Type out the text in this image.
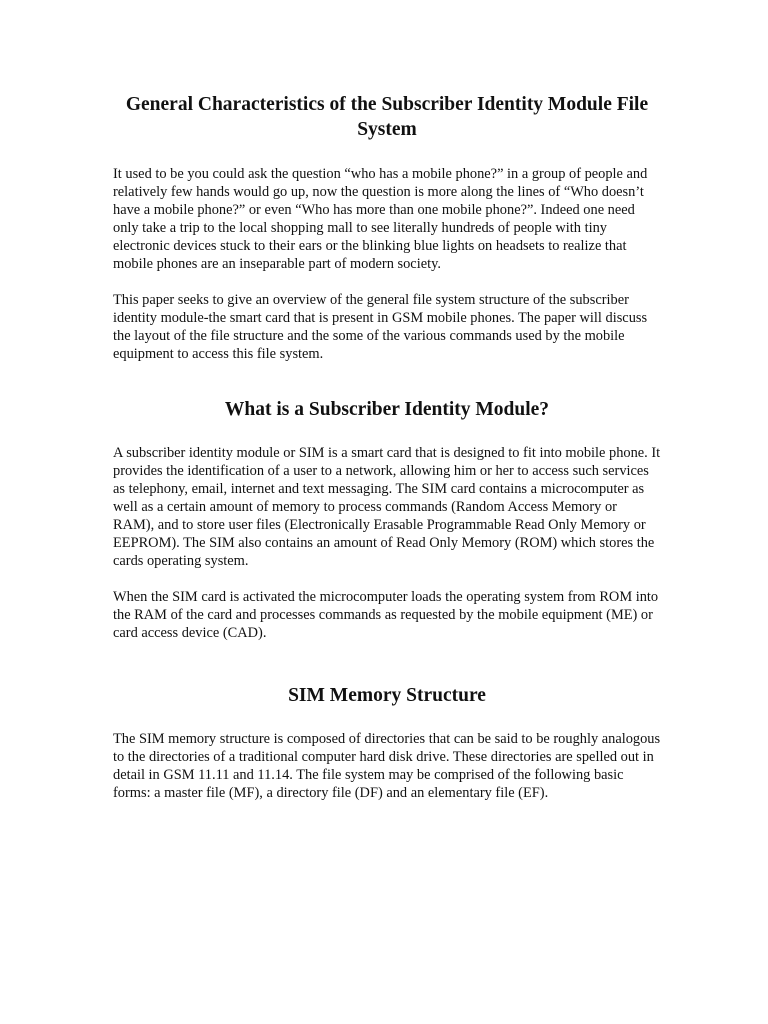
General Characteristics of the Subscriber Identity Module File System

It used to be you could ask the question “who has a mobile phone?” in a group of people and relatively few hands would go up, now the question is more along the lines of “Who doesn’t have a mobile phone?” or even “Who has more than one mobile phone?”. Indeed one need only take a trip to the local shopping mall to see literally hundreds of people with tiny electronic devices stuck to their ears or the blinking blue lights on headsets to realize that mobile phones are an inseparable part of modern society.

This paper seeks to give an overview of the general file system structure of the subscriber identity module-the smart card that is present in GSM mobile phones. The paper will discuss the layout of the file structure and the some of the various commands used by the mobile equipment to access this file system.

What is a Subscriber Identity Module?

A subscriber identity module or SIM is a smart card that is designed to fit into mobile phone. It provides the identification of a user to a network, allowing him or her to access such services as telephony, email, internet and text messaging. The SIM card contains a microcomputer as well as a certain amount of memory to process commands (Random Access Memory or RAM), and to store user files (Electronically Erasable Programmable Read Only Memory or EEPROM). The SIM also contains an amount of Read Only Memory (ROM) which stores the cards operating system.

When the SIM card is activated the microcomputer loads the operating system from ROM into the RAM of the card and processes commands as requested by the mobile equipment (ME) or card access device (CAD).

SIM Memory Structure

The SIM memory structure is composed of directories that can be said to be roughly analogous to the directories of a traditional computer hard disk drive. These directories are spelled out in detail in GSM 11.11 and 11.14. The file system may be comprised of the following basic forms: a master file (MF), a directory file (DF) and an elementary file (EF).
